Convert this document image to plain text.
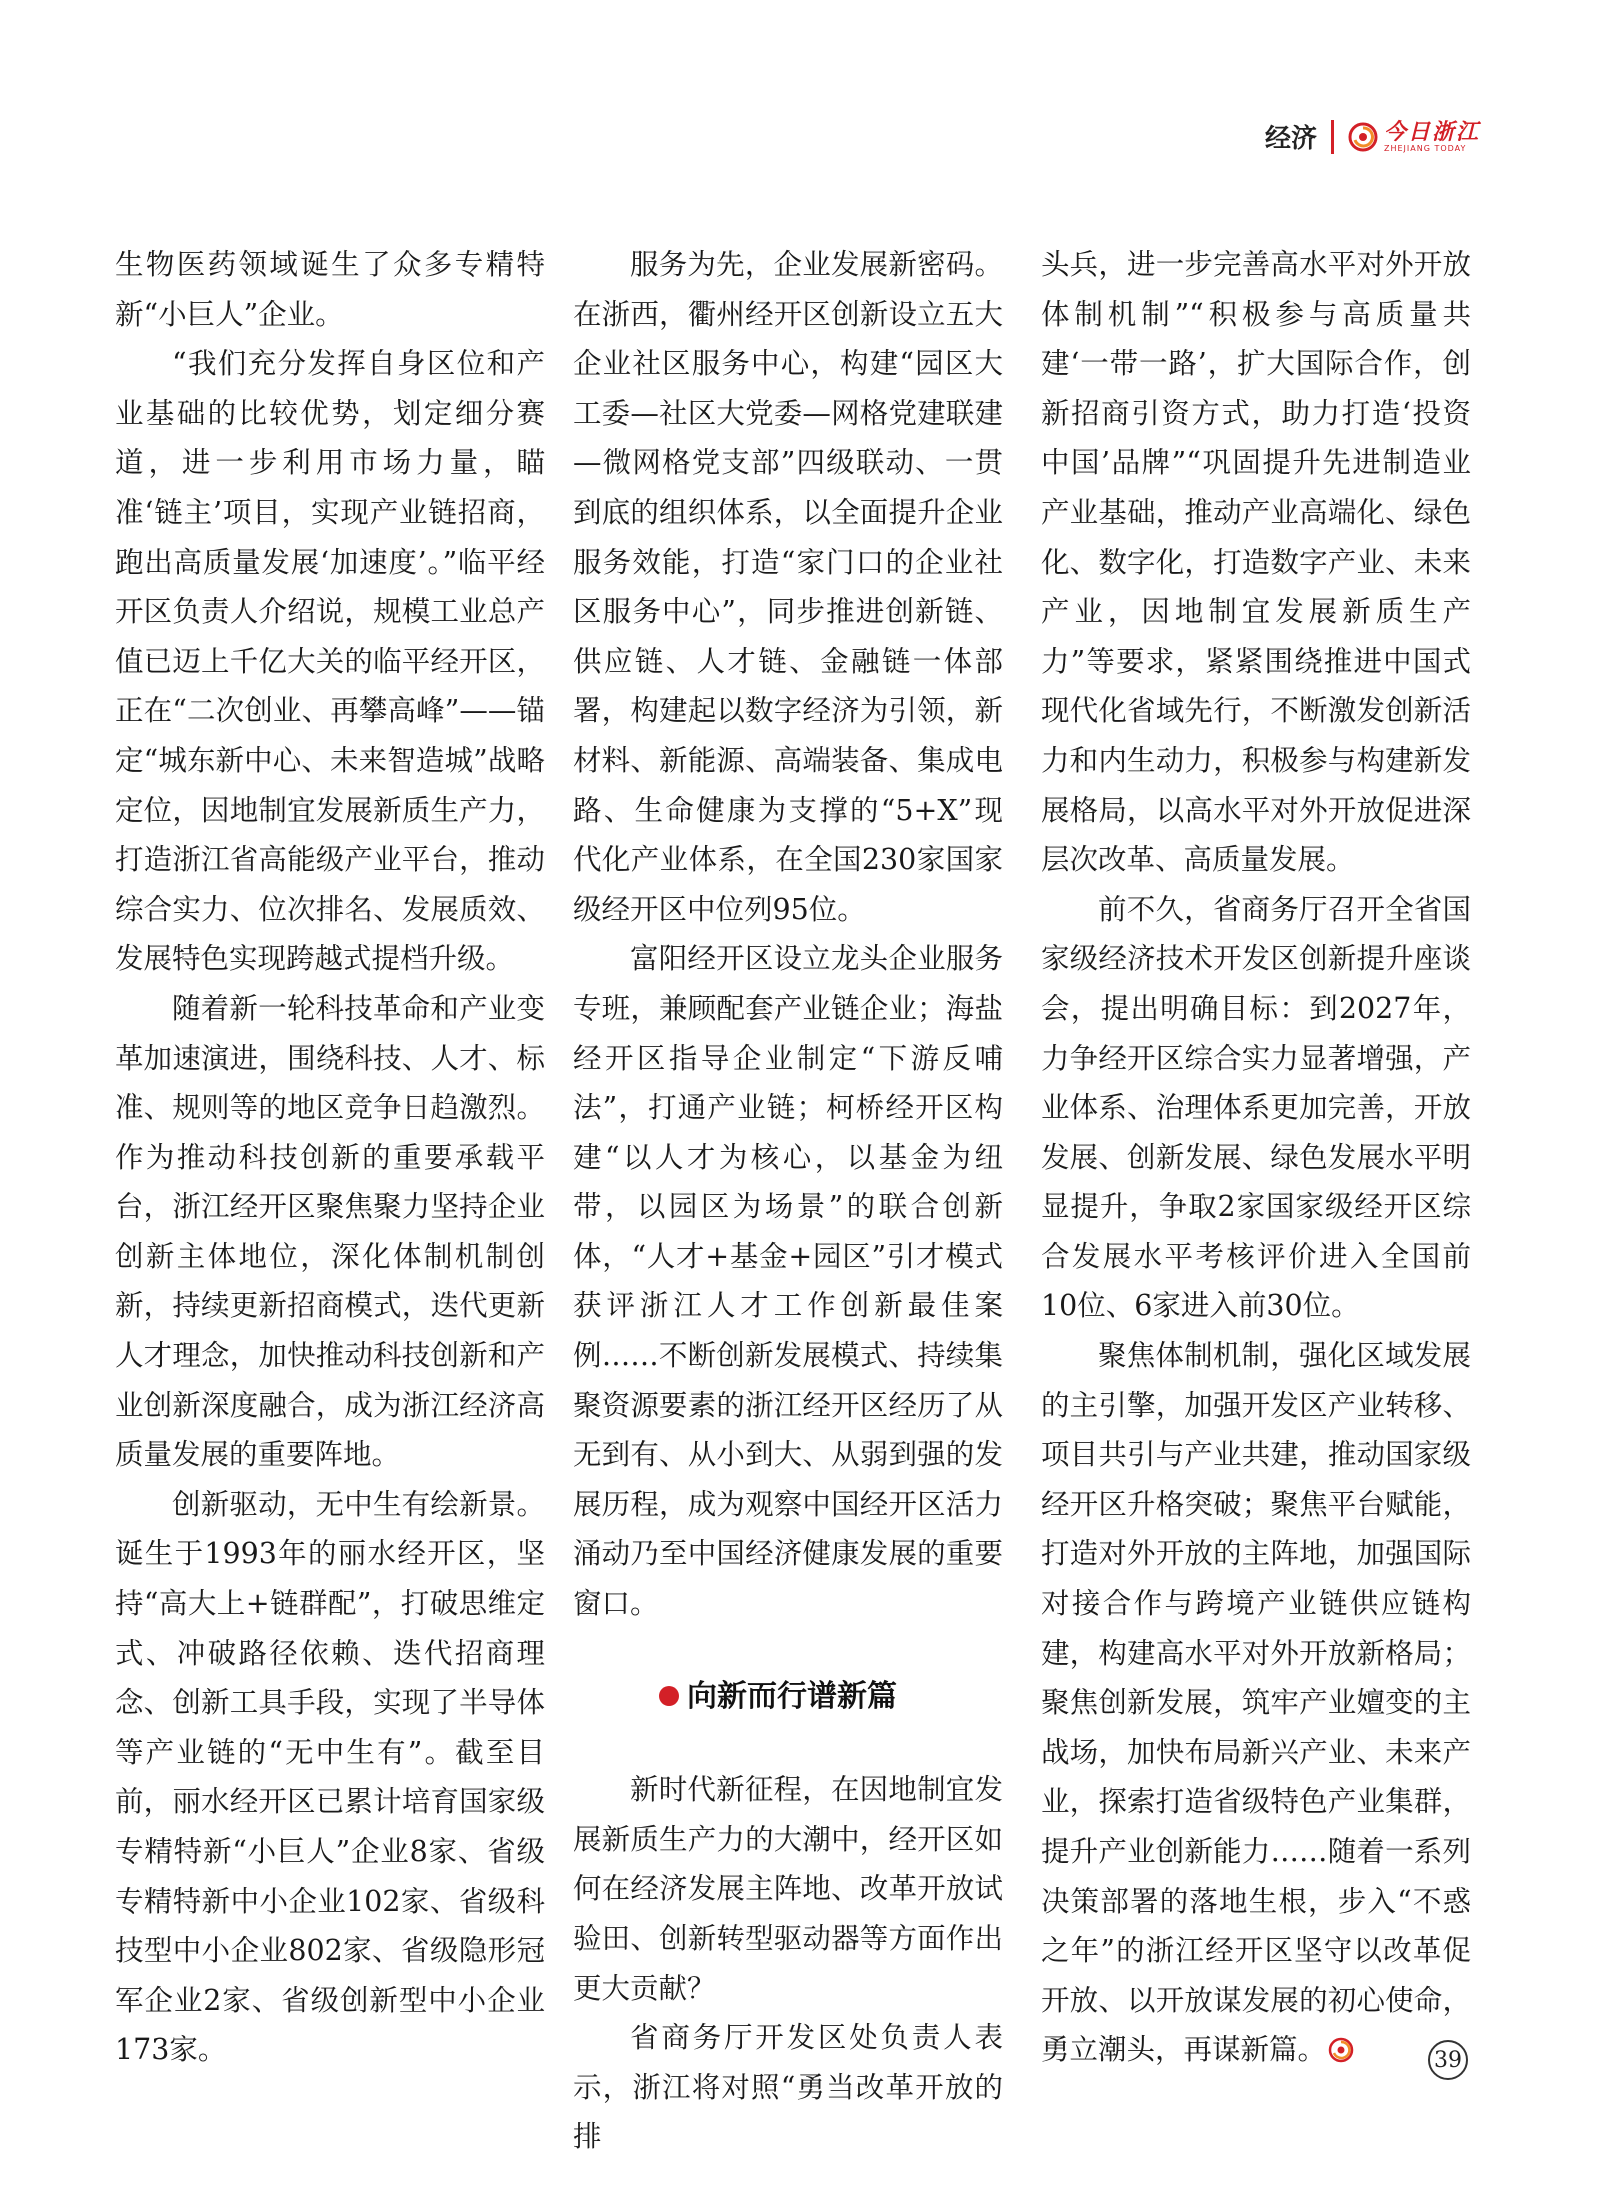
经济	今日浙江
ZHEJIANG TODAY

生物医药领域诞生了众多专精特新“小巨人”企业。

“我们充分发挥自身区位和产业基础的比较优势，划定细分赛道，进一步利用市场力量，瞄准‘链主’项目，实现产业链招商，跑出高质量发展‘加速度’。”临平经开区负责人介绍说，规模工业总产值已迈上千亿大关的临平经开区，正在“二次创业、再攀高峰”——锚定“城东新中心、未来智造城”战略定位，因地制宜发展新质生产力，打造浙江省高能级产业平台，推动综合实力、位次排名、发展质效、发展特色实现跨越式提档升级。

随着新一轮科技革命和产业变革加速演进，围绕科技、人才、标准、规则等的地区竞争日趋激烈。作为推动科技创新的重要承载平台，浙江经开区聚焦聚力坚持企业创新主体地位，深化体制机制创新，持续更新招商模式，迭代更新人才理念，加快推动科技创新和产业创新深度融合，成为浙江经济高质量发展的重要阵地。

创新驱动，无中生有绘新景。诞生于1993年的丽水经开区，坚持“高大上+链群配”，打破思维定式、冲破路径依赖、迭代招商理念、创新工具手段，实现了半导体等产业链的“无中生有”。截至目前，丽水经开区已累计培育国家级专精特新“小巨人”企业8家、省级专精特新中小企业102家、省级科技型中小企业802家、省级隐形冠军企业2家、省级创新型中小企业173家。

服务为先，企业发展新密码。在浙西，衢州经开区创新设立五大企业社区服务中心，构建“园区大工委—社区大党委—网格党建联建—微网格党支部”四级联动、一贯到底的组织体系，以全面提升企业服务效能，打造“家门口的企业社区服务中心”，同步推进创新链、供应链、人才链、金融链一体部署，构建起以数字经济为引领，新材料、新能源、高端装备、集成电路、生命健康为支撑的“5+X”现代化产业体系，在全国230家国家级经开区中位列95位。

富阳经开区设立龙头企业服务专班，兼顾配套产业链企业；海盐经开区指导企业制定“下游反哺法”，打通产业链；柯桥经开区构建“以人才为核心，以基金为纽带，以园区为场景”的联合创新体，“人才+基金+园区”引才模式获评浙江人才工作创新最佳案例……不断创新发展模式、持续集聚资源要素的浙江经开区经历了从无到有、从小到大、从弱到强的发展历程，成为观察中国经开区活力涌动乃至中国经济健康发展的重要窗口。

向新而行谱新篇

新时代新征程，在因地制宜发展新质生产力的大潮中，经开区如何在经济发展主阵地、改革开放试验田、创新转型驱动器等方面作出更大贡献？

省商务厅开发区处负责人表示，浙江将对照“勇当改革开放的排

头兵，进一步完善高水平对外开放体制机制”“积极参与高质量共建‘一带一路’，扩大国际合作，创新招商引资方式，助力打造‘投资中国’品牌”“巩固提升先进制造业产业基础，推动产业高端化、绿色化、数字化，打造数字产业、未来产业，因地制宜发展新质生产力”等要求，紧紧围绕推进中国式现代化省域先行，不断激发创新活力和内生动力，积极参与构建新发展格局，以高水平对外开放促进深层次改革、高质量发展。

前不久，省商务厅召开全省国家级经济技术开发区创新提升座谈会，提出明确目标：到2027年，力争经开区综合实力显著增强，产业体系、治理体系更加完善，开放发展、创新发展、绿色发展水平明显提升，争取2家国家级经开区综合发展水平考核评价进入全国前10位、6家进入前30位。

聚焦体制机制，强化区域发展的主引擎，加强开发区产业转移、项目共引与产业共建，推动国家级经开区升格突破；聚焦平台赋能，打造对外开放的主阵地，加强国际对接合作与跨境产业链供应链构建，构建高水平对外开放新格局；聚焦创新发展，筑牢产业嬗变的主战场，加快布局新兴产业、未来产业，探索打造省级特色产业集群，提升产业创新能力……随着一系列决策部署的落地生根，步入“不惑之年”的浙江经开区坚守以改革促开放、以开放谋发展的初心使命，勇立潮头，再谋新篇。	39
